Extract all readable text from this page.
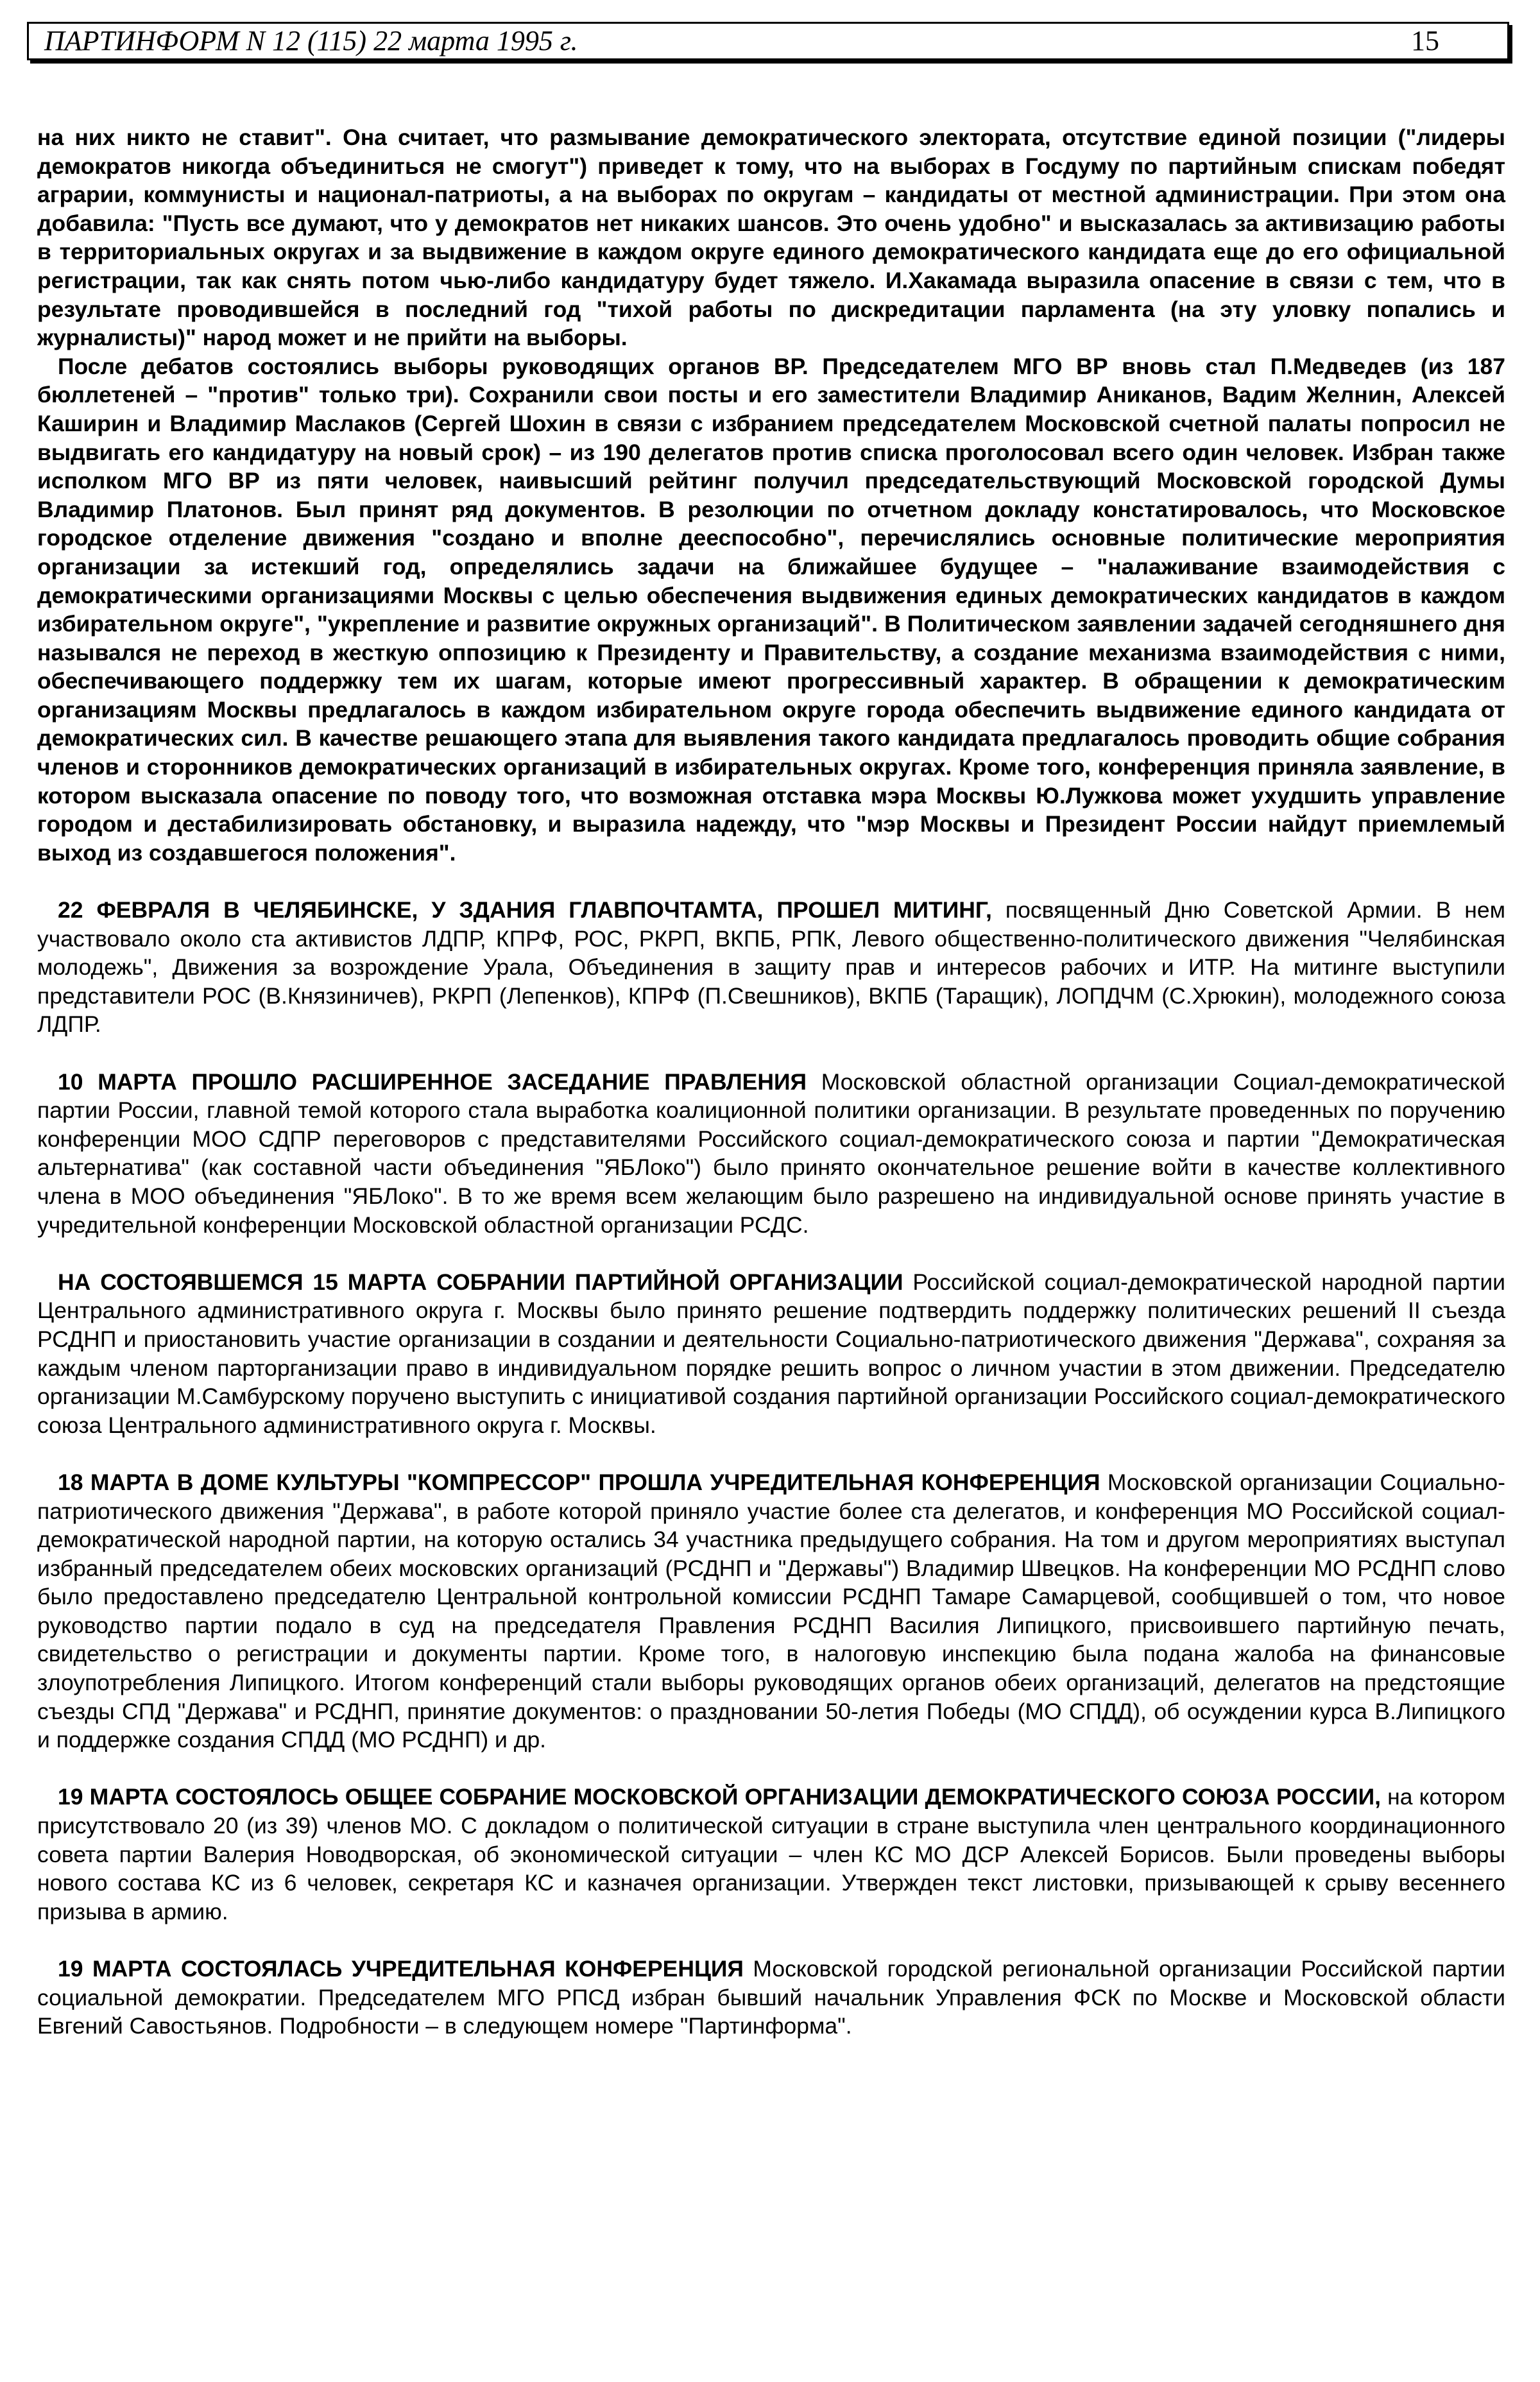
ПАРТИНФОРМ N 12 (115) 22 марта 1995 г.	15

на них никто не ставит". Она считает, что размывание демократического электората, отсутствие единой позиции ("лидеры демократов никогда объединиться не смогут") приведет к тому, что на выборах в Госдуму по партийным спискам победят аграрии, коммунисты и национал-патриоты, а на выборах по округам – кандидаты от местной администрации. При этом она добавила: "Пусть все думают, что у демократов нет никаких шансов. Это очень удобно" и высказалась за активизацию работы в территориальных округах и за выдвижение в каждом округе единого демократического кандидата еще до его официальной регистрации, так как снять потом чью-либо кандидатуру будет тяжело. И.Хакамада выразила опасение в связи с тем, что в результате проводившейся в последний год "тихой работы по дискредитации парламента (на эту уловку попались и журналисты)" народ может и не прийти на выборы.

После дебатов состоялись выборы руководящих органов ВР. Председателем МГО ВР вновь стал П.Медведев (из 187 бюллетеней – "против" только три). Сохранили свои посты и его заместители Владимир Аниканов, Вадим Желнин, Алексей Каширин и Владимир Маслаков (Сергей Шохин в связи с избранием председателем Московской счетной палаты попросил не выдвигать его кандидатуру на новый срок) – из 190 делегатов против списка проголосовал всего один человек. Избран также исполком МГО ВР из пяти человек, наивысший рейтинг получил председательствующий Московской городской Думы Владимир Платонов. Был принят ряд документов. В резолюции по отчетном докладу констатировалось, что Московское городское отделение движения "создано и вполне дееспособно", перечислялись основные политические мероприятия организации за истекший год, определялись задачи на ближайшее будущее – "налаживание взаимодействия с демократическими организациями Москвы с целью обеспечения выдвижения единых демократических кандидатов в каждом избирательном округе", "укрепление и развитие окружных организаций". В Политическом заявлении задачей сегодняшнего дня назывался не переход в жесткую оппозицию к Президенту и Правительству, а создание механизма взаимодействия с ними, обеспечивающего поддержку тем их шагам, которые имеют прогрессивный характер. В обращении к демократическим организациям Москвы предлагалось в каждом избирательном округе города обеспечить выдвижение единого кандидата от демократических сил. В качестве решающего этапа для выявления такого кандидата предлагалось проводить общие собрания членов и сторонников демократических организаций в избирательных округах. Кроме того, конференция приняла заявление, в котором высказала опасение по поводу того, что возможная отставка мэра Москвы Ю.Лужкова может ухудшить управление городом и дестабилизировать обстановку, и выразила надежду, что "мэр Москвы и Президент России найдут приемлемый выход из создавшегося положения".

22 ФЕВРАЛЯ В ЧЕЛЯБИНСКЕ, У ЗДАНИЯ ГЛАВПОЧТАМТА, ПРОШЕЛ МИТИНГ, посвященный Дню Советской Армии. В нем участвовало около ста активистов ЛДПР, КПРФ, РОС, РКРП, ВКПБ, РПК, Левого общественно-политического движения "Челябинская молодежь", Движения за возрождение Урала, Объединения в защиту прав и интересов рабочих и ИТР. На митинге выступили представители РОС (В.Князиничев), РКРП (Лепенков), КПРФ (П.Свешников), ВКПБ (Таращик), ЛОПДЧМ (С.Хрюкин), молодежного союза ЛДПР.

10 МАРТА ПРОШЛО РАСШИРЕННОЕ ЗАСЕДАНИЕ ПРАВЛЕНИЯ Московской областной организации Социал-демократической партии России, главной темой которого стала выработка коалиционной политики организации. В результате проведенных по поручению конференции МОО СДПР переговоров с представителями Российского социал-демократического союза и партии "Демократическая альтернатива" (как составной части объединения "ЯБЛоко") было принято окончательное решение войти в качестве коллективного члена в МОО объединения "ЯБЛоко". В то же время всем желающим было разрешено на индивидуальной основе принять участие в учредительной конференции Московской областной организации РСДС.

НА СОСТОЯВШЕМСЯ 15 МАРТА СОБРАНИИ ПАРТИЙНОЙ ОРГАНИЗАЦИИ Российской социал-демократической народной партии Центрального административного округа г. Москвы было принято решение подтвердить поддержку политических решений II съезда РСДНП и приостановить участие организации в создании и деятельности Социально-патриотического движения "Держава", сохраняя за каждым членом парторганизации право в индивидуальном порядке решить вопрос о личном участии в этом движении. Председателю организации М.Самбурскому поручено выступить с инициативой создания партийной организации Российского социал-демократического союза Центрального административного округа г. Москвы.

18 МАРТА В ДОМЕ КУЛЬТУРЫ "КОМПРЕССОР" ПРОШЛА УЧРЕДИТЕЛЬНАЯ КОНФЕРЕНЦИЯ Московской организации Социально-патриотического движения "Держава", в работе которой приняло участие более ста делегатов, и конференция МО Российской социал-демократической народной партии, на которую остались 34 участника предыдущего собрания. На том и другом мероприятиях выступал избранный председателем обеих московских организаций (РСДНП и "Державы") Владимир Швецков. На конференции МО РСДНП слово было предоставлено председателю Центральной контрольной комиссии РСДНП Тамаре Самарцевой, сообщившей о том, что новое руководство партии подало в суд на председателя Правления РСДНП Василия Липицкого, присвоившего партийную печать, свидетельство о регистрации и документы партии. Кроме того, в налоговую инспекцию была подана жалоба на финансовые злоупотребления Липицкого. Итогом конференций стали выборы руководящих органов обеих организаций, делегатов на предстоящие съезды СПД "Держава" и РСДНП, принятие документов: о праздновании 50-летия Победы (МО СПДД), об осуждении курса В.Липицкого и поддержке создания СПДД (МО РСДНП) и др.

19 МАРТА СОСТОЯЛОСЬ ОБЩЕЕ СОБРАНИЕ МОСКОВСКОЙ ОРГАНИЗАЦИИ ДЕМОКРАТИЧЕСКОГО СОЮЗА РОССИИ, на котором присутствовало 20 (из 39) членов МО. С докладом о политической ситуации в стране выступила член центрального координационного совета партии Валерия Новодворская, об экономической ситуации – член КС МО ДСР Алексей Борисов. Были проведены выборы нового состава КС из 6 человек, секретаря КС и казначея организации. Утвержден текст листовки, призывающей к срыву весеннего призыва в армию.

19 МАРТА СОСТОЯЛАСЬ УЧРЕДИТЕЛЬНАЯ КОНФЕРЕНЦИЯ Московской городской региональной организации Российской партии социальной демократии. Председателем МГО РПСД избран бывший начальник Управления ФСК по Москве и Московской области Евгений Савостьянов. Подробности – в следующем номере "Партинформа".
